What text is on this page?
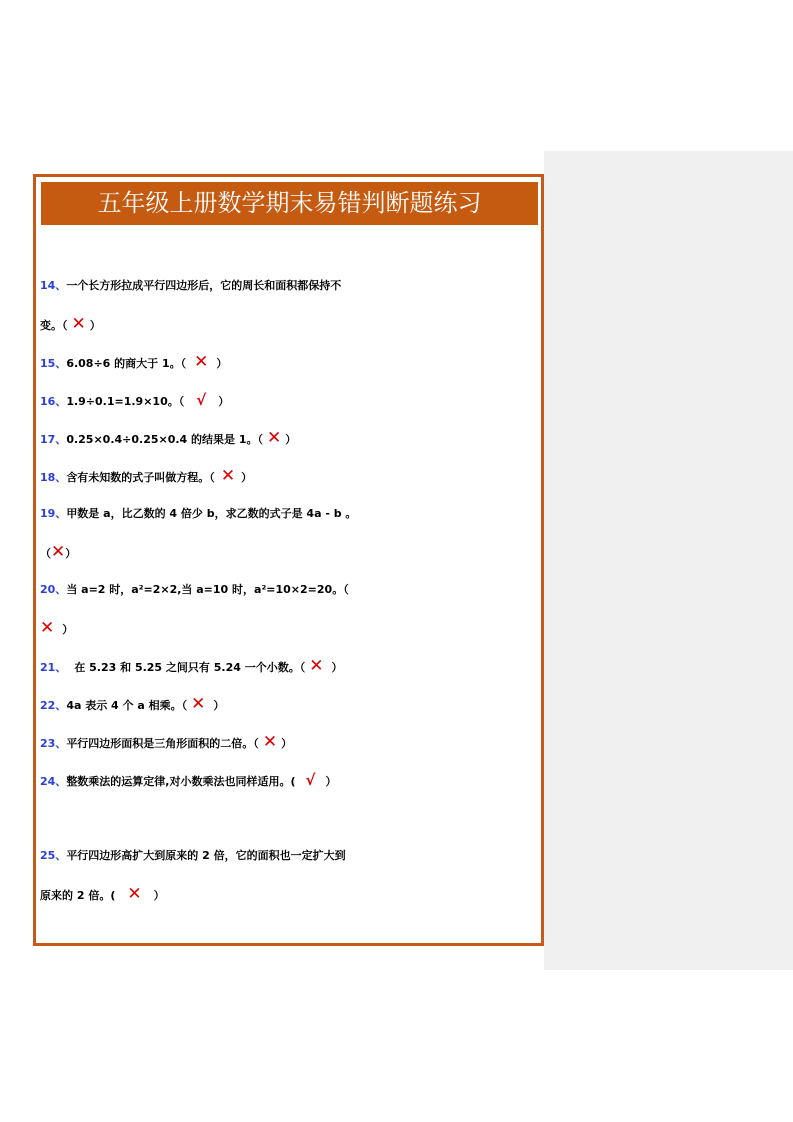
五年级上册数学期末易错判断题练习
14、一个长方形拉成平行四边形后，它的周长和面积都保持不
变。（ ✕ ）
15、6.08÷6 的商大于 1。（ ✕ ）
16、1.9÷0.1=1.9×10。（ √ ）
17、0.25×0.4÷0.25×0.4 的结果是 1。（ ✕ ）
18、含有未知数的式子叫做方程。（ ✕ ）
19、甲数是 a，比乙数的 4 倍少 b，求乙数的式子是 4a - b 。
（✕）
20、当 a=2 时，a²=2×2,当 a=10 时，a²=10×2=20。（
✕ ）
21、 在 5.23 和 5.25 之间只有 5.24 一个小数。（ ✕ ）
22、4a 表示 4 个 a 相乘。（ ✕ ）
23、平行四边形面积是三角形面积的二倍。（ ✕ ）
24、整数乘法的运算定律,对小数乘法也同样适用。( √ ）
25、平行四边形高扩大到原来的 2 倍，它的面积也一定扩大到
原来的 2 倍。( ✕ ）
